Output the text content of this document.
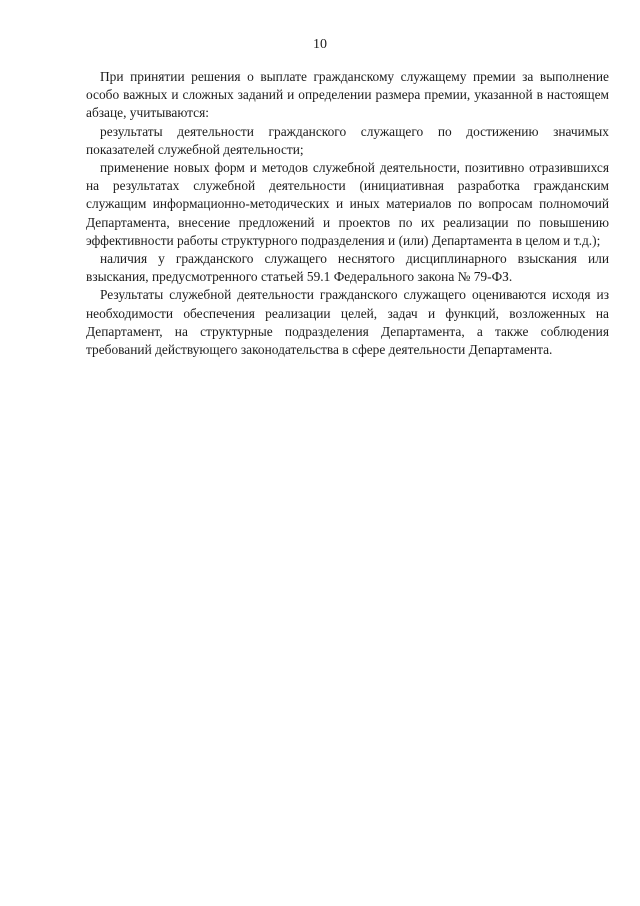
10

При принятии решения о выплате гражданскому служащему премии за выполнение особо важных и сложных заданий и определении размера премии, указанной в настоящем абзаце, учитываются:

результаты деятельности гражданского служащего по достижению значимых показателей служебной деятельности;

применение новых форм и методов служебной деятельности, позитивно отразившихся на результатах служебной деятельности (инициативная разработка гражданским служащим информационно-методических и иных материалов по вопросам полномочий Департамента, внесение предложений и проектов по их реализации по повышению эффективности работы структурного подразделения и (или) Департамента в целом и т.д.);

наличия у гражданского служащего неснятого дисциплинарного взыскания или взыскания, предусмотренного статьей 59.1 Федерального закона № 79-ФЗ.

Результаты служебной деятельности гражданского служащего оцениваются исходя из необходимости обеспечения реализации целей, задач и функций, возложенных на Департамент, на структурные подразделения Департамента, а также соблюдения требований действующего законодательства в сфере деятельности Департамента.
